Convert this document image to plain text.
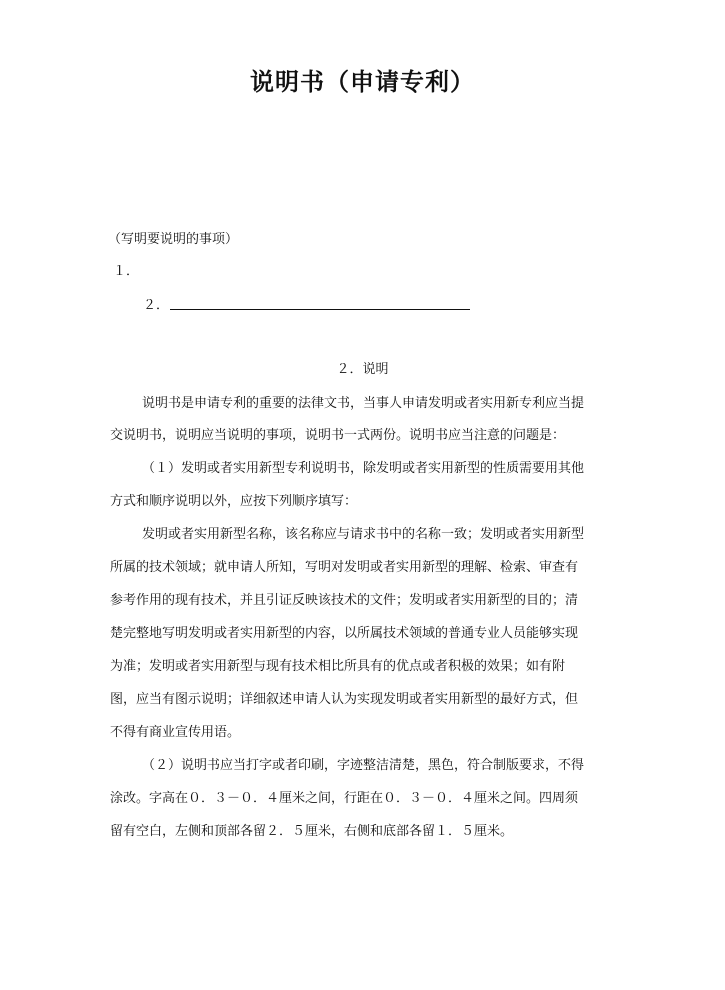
说明书（申请专利）
（写明要说明的事项）
１．
２．
２．说明
说明书是申请专利的重要的法律文书，当事人申请发明或者实用新专利应当提
交说明书，说明应当说明的事项，说明书一式两份。说明书应当注意的问题是：
（１）发明或者实用新型专利说明书，除发明或者实用新型的性质需要用其他
方式和顺序说明以外，应按下列顺序填写：
发明或者实用新型名称，该名称应与请求书中的名称一致；发明或者实用新型
所属的技术领域；就申请人所知，写明对发明或者实用新型的理解、检索、审查有
参考作用的现有技术，并且引证反映该技术的文件；发明或者实用新型的目的；清
楚完整地写明发明或者实用新型的内容，以所属技术领域的普通专业人员能够实现
为准；发明或者实用新型与现有技术相比所具有的优点或者积极的效果；如有附
图，应当有图示说明；详细叙述申请人认为实现发明或者实用新型的最好方式，但
不得有商业宣传用语。
（２）说明书应当打字或者印刷，字迹整洁清楚，黑色，符合制版要求，不得
涂改。字高在０．３－０．４厘米之间，行距在０．３－０．４厘米之间。四周须
留有空白，左侧和顶部各留２．５厘米，右侧和底部各留１．５厘米。
